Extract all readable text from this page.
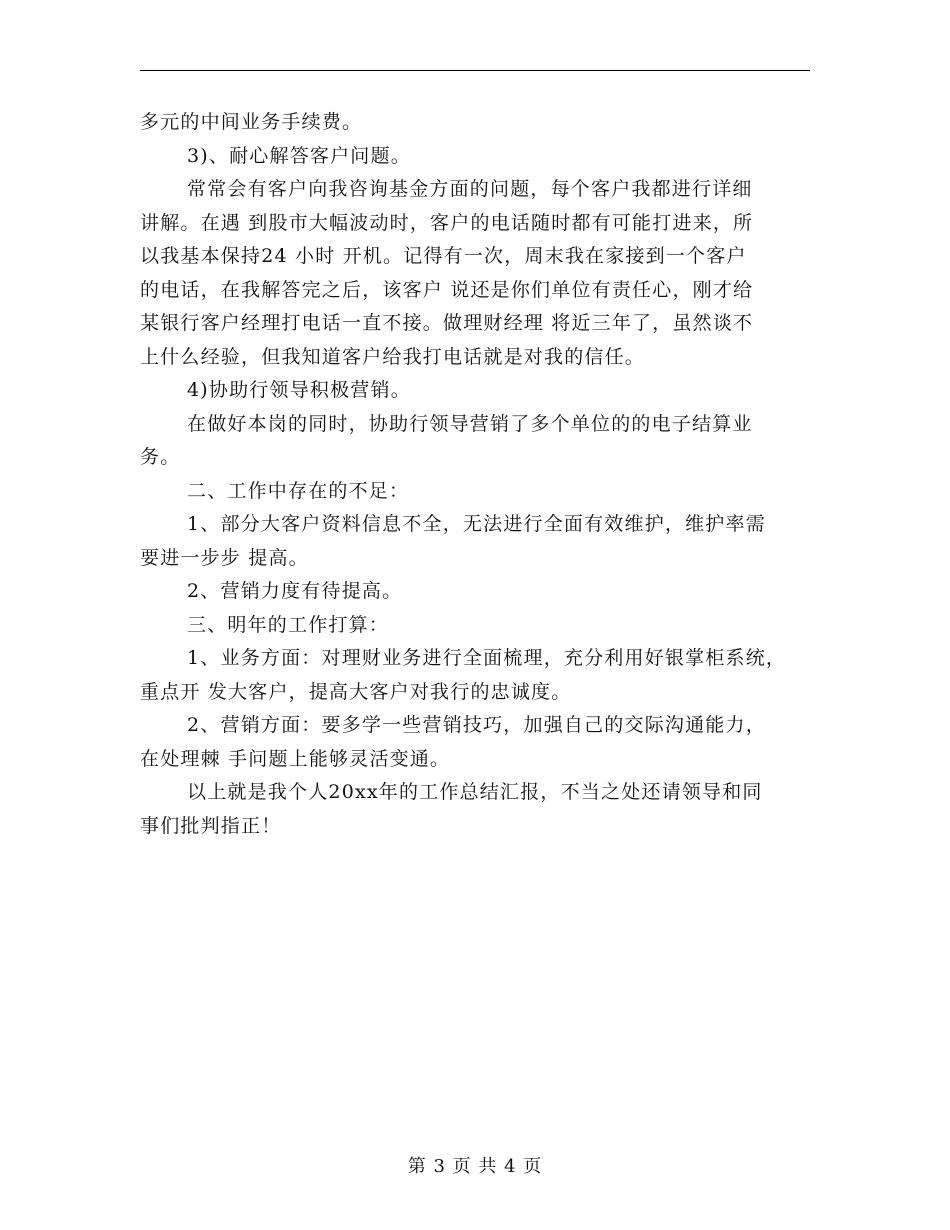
多元的中间业务手续费。
3)、耐心解答客户问题。
常常会有客户向我咨询基金方面的问题，每个客户我都进行详细
讲解。在遇 到股市大幅波动时，客户的电话随时都有可能打进来，所
以我基本保持24 小时 开机。记得有一次，周末我在家接到一个客户
的电话，在我解答完之后，该客户 说还是你们单位有责任心，刚才给
某银行客户经理打电话一直不接。做理财经理 将近三年了，虽然谈不
上什么经验，但我知道客户给我打电话就是对我的信任。
4)协助行领导积极营销。
在做好本岗的同时，协助行领导营销了多个单位的的电子结算业
务。
二、工作中存在的不足：
1、部分大客户资料信息不全，无法进行全面有效维护，维护率需
要进一步步 提高。
2、营销力度有待提高。
三、明年的工作打算：
1、业务方面：对理财业务进行全面梳理，充分利用好银掌柜系统，
重点开 发大客户，提高大客户对我行的忠诚度。
2、营销方面：要多学一些营销技巧，加强自己的交际沟通能力，
在处理棘 手问题上能够灵活变通。
以上就是我个人20xx年的工作总结汇报，不当之处还请领导和同
事们批判指正！
第 3 页 共 4 页
